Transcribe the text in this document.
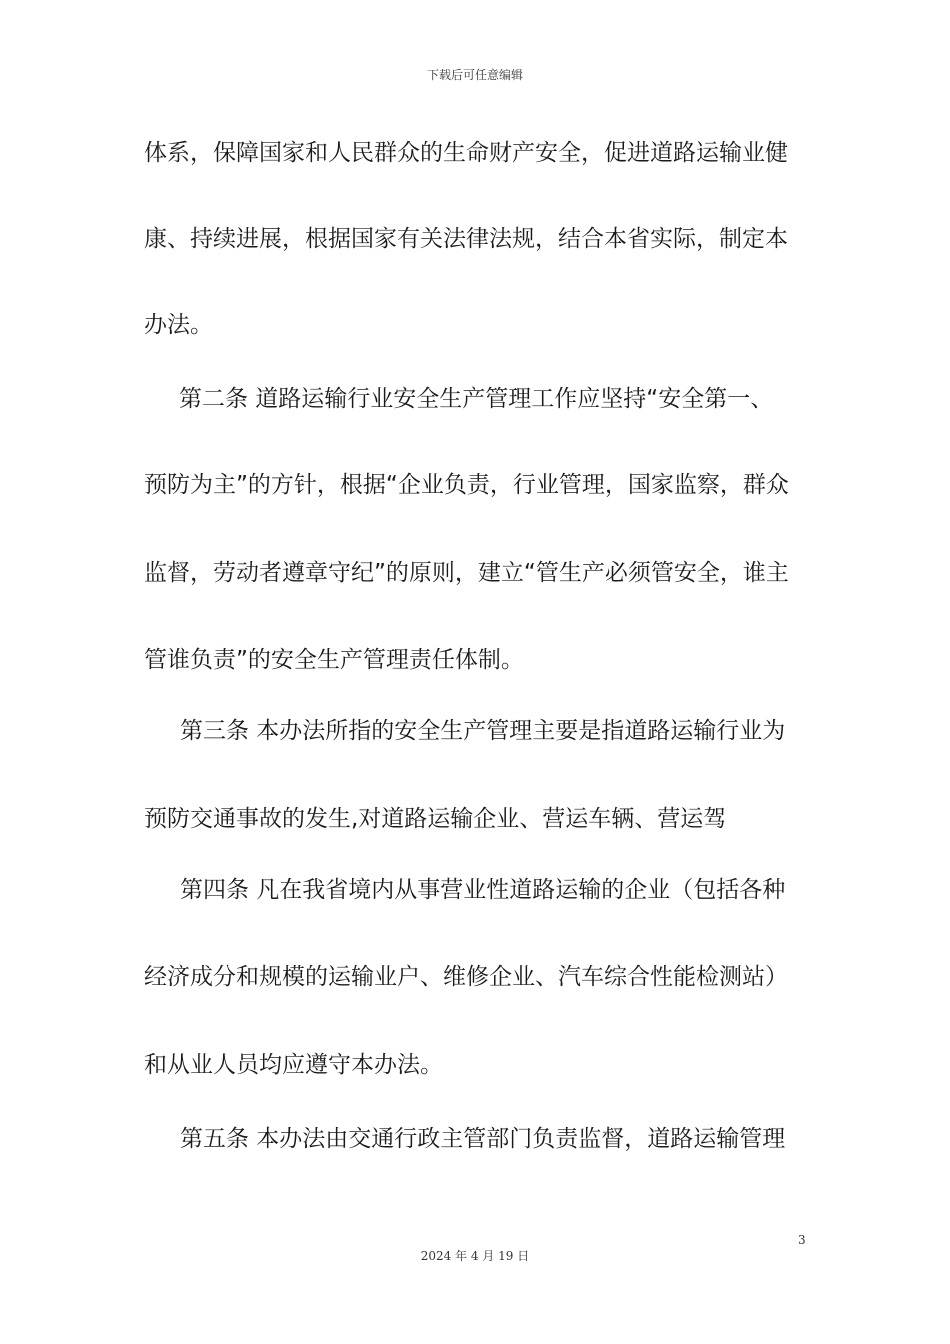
下载后可任意编辑
体系，保障国家和人民群众的生命财产安全，促进道路运输业健
康、持续进展，根据国家有关法律法规，结合本省实际，制定本
办法。
第二条 道路运输行业安全生产管理工作应坚持“安全第一、
预防为主”的方针，根据“企业负责，行业管理，国家监察，群众
监督，劳动者遵章守纪”的原则，建立“管生产必须管安全，谁主
管谁负责”的安全生产管理责任体制。
第三条 本办法所指的安全生产管理主要是指道路运输行业为
预防交通事故的发生,对道路运输企业、营运车辆、营运驾
第四条 凡在我省境内从事营业性道路运输的企业（包括各种
经济成分和规模的运输业户、维修企业、汽车综合性能检测站）
和从业人员均应遵守本办法。
第五条 本办法由交通行政主管部门负责监督，道路运输管理
3
2024 年 4 月 19 日
